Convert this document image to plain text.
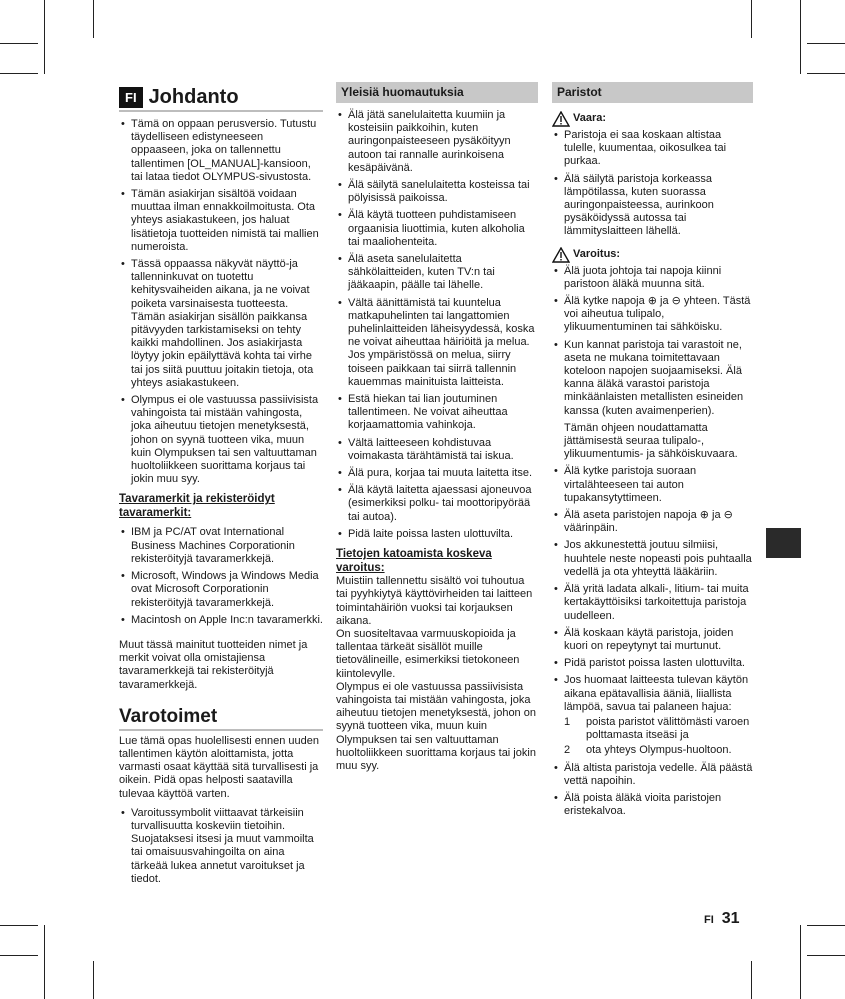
FI Johdanto
• Tämä on oppaan perusversio. Tutustu täydelliseen edistyneeseen oppaaseen, joka on tallennettu tallentimen [OL_MANUAL]-kansioon, tai lataa tiedot OLYMPUS-sivustosta.
• Tämän asiakirjan sisältöä voidaan muuttaa ilman ennakkoilmoitusta. Ota yhteys asiakastukeen, jos haluat lisätietoja tuotteiden nimistä tai mallien numeroista.
• Tässä oppaassa näkyvät näyttö-ja tallenninkuvat on tuotettu kehitysvaiheiden aikana, ja ne voivat poiketa varsinaisesta tuotteesta. Tämän asiakirjan sisällön paikkansa pitävyyden tarkistamiseksi on tehty kaikki mahdollinen. Jos asiakirjasta löytyy jokin epäilyttävä kohta tai virhe tai jos siitä puuttuu joitakin tietoja, ota yhteys asiakastukeen.
• Olympus ei ole vastuussa passiivisista vahingoista tai mistään vahingosta, joka aiheutuu tietojen menetyksestä, johon on syynä tuotteen vika, muun kuin Olympuksen tai sen valtuuttaman huoltoliikkeen suorittama korjaus tai jokin muu syy.
Tavaramerkit ja rekisteröidyt tavaramerkit:
• IBM ja PC/AT ovat International Business Machines Corporationin rekisteröityjä tavaramerkkejä.
• Microsoft, Windows ja Windows Media ovat Microsoft Corporationin rekisteröityjä tavaramerkkejä.
• Macintosh on Apple Inc:n tavaramerkki.

Muut tässä mainitut tuotteiden nimet ja merkit voivat olla omistajiensa tavaramerkkejä tai rekisteröityjä tavaramerkkejä.

Varotoimet

Lue tämä opas huolellisesti ennen uuden tallentimen käytön aloittamista, jotta varmasti osaat käyttää sitä turvallisesti ja oikein. Pidä opas helposti saatavilla tulevaa käyttöä varten.

• Varoitussymbolit viittaavat tärkeisiin turvallisuutta koskeviin tietoihin. Suojataksesi itsesi ja muut vammoilta tai omaisuusvahingoilta on aina tärkeää lukea annetut varoitukset ja tiedot.
Yleisiä huomautuksia
• Älä jätä sanelulaitetta kuumiin ja kosteisiin paikkoihin, kuten auringonpaisteeseen pysäköityyn autoon tai rannalle aurinkoisena kesäpäivänä.
• Älä säilytä sanelulaitetta kosteissa tai pölyisissä paikoissa.
• Älä käytä tuotteen puhdistamiseen orgaanisia liuottimia, kuten alkoholia tai maaliohenteita.
• Älä aseta sanelulaitetta sähkölaitteiden, kuten TV:n tai jääkaapin, päälle tai lähelle.
• Vältä äänittämistä tai kuuntelua matkapuhelinten tai langattomien puhelinlaitteiden läheisyydessä, koska ne voivat aiheuttaa häiriöitä ja melua. Jos ympäristössä on melua, siirry toiseen paikkaan tai siirrä tallennin kauemmas mainituista laitteista.
• Estä hiekan tai lian joutuminen tallentimeen. Ne voivat aiheuttaa korjaamattomia vahinkoja.
• Vältä laitteeseen kohdistuvaa voimakasta tärähtämistä tai iskua.
• Älä pura, korjaa tai muuta laitetta itse.
• Älä käytä laitetta ajaessasi ajoneuvoa (esimerkiksi polku- tai moottoripyörää tai autoa).
• Pidä laite poissa lasten ulottuvilta.
Tietojen katoamista koskeva varoitus:

Muistiin tallennettu sisältö voi tuhoutua tai pyyhkiytyä käyttövirheiden tai laitteen toimintahäiriön vuoksi tai korjauksen aikana.

On suositeltavaa varmuuskopioida ja tallentaa tärkeät sisällöt muille tietovälineille, esimerkiksi tietokoneen kiintolevylle.

Olympus ei ole vastuussa passiivisista vahingoista tai mistään vahingosta, joka aiheutuu tietojen menetyksestä, johon on syynä tuotteen vika, muun kuin Olympuksen tai sen valtuuttaman huoltoliikkeen suorittama korjaus tai jokin muu syy.

Paristot
Vaara:
• Paristoja ei saa koskaan altistaa tulelle, kuumentaa, oikosulkea tai purkaa.
• Älä säilytä paristoja korkeassa lämpötilassa, kuten suorassa auringonpaisteessa, aurinkoon pysäköidyssä autossa tai lämmityslaitteen lähellä.
Varoitus:
• Älä juota johtoja tai napoja kiinni paristoon äläkä muunna sitä.
• Älä kytke napoja ⊕ ja ⊖ yhteen. Tästä voi aiheutua tulipalo, ylikuumentuminen tai sähköisku.
• Kun kannat paristoja tai varastoit ne, aseta ne mukana toimitettavaan koteloon napojen suojaamiseksi. Älä kanna äläkä varastoi paristoja minkäänlaisten metallisten esineiden kanssa (kuten avaimenperien).

Tämän ohjeen noudattamatta jättämisestä seuraa tulipalo-, ylikuumentumis- ja sähköiskuvaara.

• Älä kytke paristoja suoraan virtalähteeseen tai auton tupakansytyttimeen.
• Älä aseta paristojen napoja ⊕ ja ⊖ väärinpäin.
• Jos akkunestettä joutuu silmiisi, huuhtele neste nopeasti pois puhtaalla vedellä ja ota yhteyttä lääkäriin.
• Älä yritä ladata alkali-, litium- tai muita kertakäyttöisiksi tarkoitettuja paristoja uudelleen.
• Älä koskaan käytä paristoja, joiden kuori on repeytynyt tai murtunut.
• Pidä paristot poissa lasten ulottuvilta.
• Jos huomaat laitteesta tulevan käytön aikana epätavallisia ääniä, liiallista lämpöä, savua tai palaneen hajua:
1	poista paristot välittömästi varoen polttamasta itseäsi ja
2	ota yhteys Olympus-huoltoon.
• Älä altista paristoja vedelle. Älä päästä vettä napoihin.
• Älä poista äläkä vioita paristojen eristekalvoa.
FI 31
